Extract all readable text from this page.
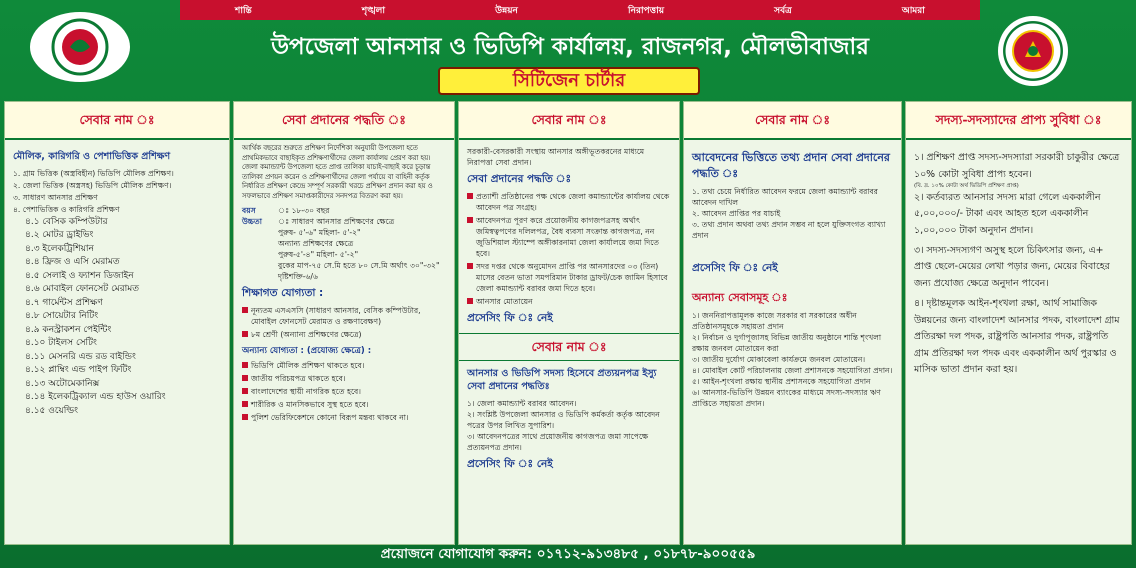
শান্তি	শৃঙ্খলা	উন্নয়ন	নিরাপত্তায়	সর্বত্র	আমরা
উপজেলা আনসার ও ভিডিপি কার্যালয়, রাজনগর, মৌলভীবাজার
সিটিজেন চার্টার
সেবার নাম ঃ
মৌলিক, কারিগরি ও পেশাভিত্তিক প্রশিক্ষণ
১. গ্রাম ভিত্তিক (অস্ত্রবিহীন) ভিডিপি মৌলিক প্রশিক্ষণ।
২. জেলা ভিত্তিক (অস্ত্রসহ) ভিডিপি মৌলিক প্রশিক্ষণ।
৩. সাধারণ আনসার প্রশিক্ষণ
৪. পেশাভিত্তিক ও কারিগরি প্রশিক্ষণ
৪.১ বেসিক কম্পিউটার
৪.২ মোটর ড্রাইভিং
৪.৩ ইলেকট্রিশিয়ান
৪.৪ ফ্রিজ ও এসি মেরামত
৪.৫ সেলাই ও ফ্যাশন ডিজাইন
৪.৬ মোবাইল ফোনসেট মেরামত
৪.৭ গার্মেন্টস প্রশিক্ষণ
৪.৮ সোয়েটার নিটিং
৪.৯ কনস্ট্রাকশন পেইন্টিং
৪.১০ টাইলস সেটিং
৪.১১ মেসনরি এন্ড রড বাইন্ডিং
৪.১২ প্লাম্বিং এন্ড পাইপ ফিটিং
৪.১৩ অটোমেকানিক্স
৪.১৪ ইলেকট্রিক্যাল এন্ড হাউস ওয়ারিং
৪.১৫ ওয়েল্ডিং
সেবা প্রদানের পদ্ধতি ঃ
আর্থিক বছরের শুরুতে প্রশিক্ষণ নির্দেশিকা অনুযায়ী উপজেলা হতে প্রাথমিকভাবে বাছাইকৃত প্রশিক্ষণার্থীদের জেলা কার্যালয় প্রেরণ করা হয়। জেলা কমান্ড্যান্ট উপজেলা হতে প্রাপ্ত তালিকা যাচাই-বাছাই করে চূড়ান্ত তালিকা প্রণয়ন করেন ও প্রশিক্ষণার্থীদের জেলা পর্যায়ে বা বাহিনী কর্তৃক নির্ধারিত প্রশিক্ষণ কেন্দ্রে সম্পূর্ণ সরকারী খরচে প্রশিক্ষণ প্রদান করা হয় ও সফলভাবে প্রশিক্ষণ সমাপ্তকারীদের সনদপত্র বিতরণ করা হয়।
বয়স	ঃ ১৮-৩০ বছর
উচ্চতা	ঃ সাধারণ আনসার প্রশিক্ষণের ক্ষেত্রে
পুরুষ- ৫'-৬" মহিলা- ৫'-২"
অন্যান্য প্রশিক্ষণের ক্ষেত্রে
পুরুষ-৫'-৪" মহিলা- ৫'-২"
বুকের মাপ-৭৫ সে.মি হতে ৮০ সে.মি অর্থাৎ ৩০"-৩২"
দৃষ্টিশক্তি-৬/৬
শিক্ষাগত যোগ্যতা :
নূন্যতম এসএসসি (সাধারণ আনসার, বেসিক কম্পিউটার, মোবাইল ফোনসেট মেরামত ও রক্ষণাবেক্ষণ)
৮ম শ্রেণী (অন্যান্য প্রশিক্ষণের ক্ষেত্রে)
অন্যান্য যোগ্যতা : (প্রযোজ্য ক্ষেত্রে) :
ভিডিপি মৌলিক প্রশিক্ষণ থাকতে হবে।
জাতীয় পরিচয়পত্র থাকতে হবে।
বাংলাদেশের স্থায়ী নাগরিক হতে হবে।
শারীরিক ও মানসিকভাবে সুস্থ হতে হবে।
পুলিশ ভেরিফিকেশনে কোনো বিরূপ মন্তব্য থাকবে না।
সেবার নাম ঃ
সরকারী-বেসরকারী সংস্থায় আনসার অঙ্গীভূতকরনের মাধ্যমে নিরাপত্তা সেবা প্রদান।
সেবা প্রদানের পদ্ধতি ঃ
প্রত্যাশী প্রতিষ্ঠানের পক্ষ থেকে জেলা কমান্ড্যান্টের কার্যালয় থেকে আবেদন পত্র সংগ্রহ।
আবেদনপত্র পূরণ করে প্রয়োজনীয় কাগজপত্রসহ অর্থাৎ জমিস্বত্বপণের দলিলপত্র, বৈধ ব্যবসা সংক্রান্ত কাগজপত্র, নন জুডিশিয়াল স্ট্যাম্পে অঙ্গীকারনামা জেলা কার্যালয়ে জমা দিতে হবে।
সদর দপ্তর থেকে অনুমোদন প্রাপ্তি পর আনসারদের ০৩ (তিন) মাসের বেতন ভাতা সমপরিমান টাকার ড্রাফট/চেক জামিন হিসাবে জেলা কমান্ড্যান্ট বরাবর জমা দিতে হবে।
আনসার মোতায়েন
প্রসেসিং ফি ঃ নেই
সেবার নাম ঃ
আনসার ও ভিডিপি সদস্য হিসেবে প্রত্যয়নপত্র ইস্যু সেবা প্রদানের পদ্ধতিঃ
১। জেলা কমান্ড্যান্ট বরাবর আবেদন।
২। সংশ্লিষ্ট উপজেলা আনসার ও ভিডিপি কর্মকর্তা কর্তৃক আবেদন পত্রের উপর লিখিত সুপারিশ।
৩। আবেদনপত্রের সাথে প্রয়োজনীয় কাগজপত্র জমা সাপেক্ষে প্রত্যয়নপত্র প্রদান।
প্রসেসিং ফি ঃ নেই
সেবার নাম ঃ
আবেদনের ভিত্তিতে তথ্য প্রদান সেবা প্রদানের পদ্ধতি ঃ
১. তথ্য চেয়ে নির্ধারিত আবেদন ফরমে জেলা কমান্ড্যান্ট বরাবর আবেদন দাখিল
২. আবেদন প্রাপ্তির পর যাচাই
৩. তথ্য প্রদান অথবা তথ্য প্রদান সম্ভব না হলে যুক্তিসংগত ব্যাখ্যা প্রদান
প্রসেসিং ফি ঃ নেই
অন্যান্য সেবাসমূহ ঃ
১। জননিরাপত্তামূলক কাজে সরকার বা সরকারের অধীন প্রতিষ্ঠানসমূহকে সহায়তা প্রদান
২। নির্বাচন ও দুর্গাপূজাসহ বিভিন্ন জাতীয় অনুষ্ঠানে শান্তি শৃংখলা রক্ষায় জনবল মোতায়েন করা
৩। জাতীয় দুর্যোগ মোকাবেলা কার্যক্রমে জনবল মোতায়েন।
৪। মোবাইল কোর্ট পরিচালনায় জেলা প্রশাসনকে সহযোগিতা প্রদান।
৫। আইন-শৃংখলা রক্ষায় স্থানীয় প্রশাসনকে সহযোগিতা প্রদান
৬। আনসার-ভিডিপি উন্নয়ন ব্যাংকের মাধ্যমে সদস্য-সদস্যার ঋণ প্রাপ্তিতে সহায়তা প্রদান।
সদস্য-সদস্যাদের প্রাপ্য সুবিধা ঃ
১। প্রশিক্ষণ প্রাপ্ত সদস্য-সদস্যারা সরকারী চাকুরীর ক্ষেত্রে ১০% কোটা সুবিধা প্রাপ্য হবেন।
(বি. দ্র. ১০% কোটা অর্থ ভিডিপি প্রশিক্ষণ প্রাপ্ত)
২। কর্তব্যরত আনসার সদস্য মারা গেলে এককালীন ৫,০০,০০০/- টাকা এবং আহত হলে এককালীন ১,০০,০০০ টাকা অনুদান প্রদান।
৩। সদস্য-সদস্যগণ অসুস্থ হলে চিকিৎসার জন্য, এ+ প্রাপ্ত ছেলে-মেয়ের লেখা পড়ার জন্য, মেয়ের বিবাহের জন্য প্রযোজ্য ক্ষেত্রে অনুদান পাবেন।
৪। দৃষ্টান্তমূলক আইন-শৃংখলা রক্ষা, আর্থ সামাজিক উন্নয়নের জন্য বাংলাদেশ আনসার পদক, বাংলাদেশ গ্রাম প্রতিরক্ষা দল পদক, রাষ্ট্রপতি আনসার পদক, রাষ্ট্রপতি গ্রাম প্রতিরক্ষা দল পদক এবং এককালীন অর্থ পুরস্কার ও মাসিক ভাতা প্রদান করা হয়।
প্রয়োজনে যোগাযোগ করুন: ০১৭১২-৯১৩৪৮৫ , ০১৮৭৮-৯০০৫৫৯
